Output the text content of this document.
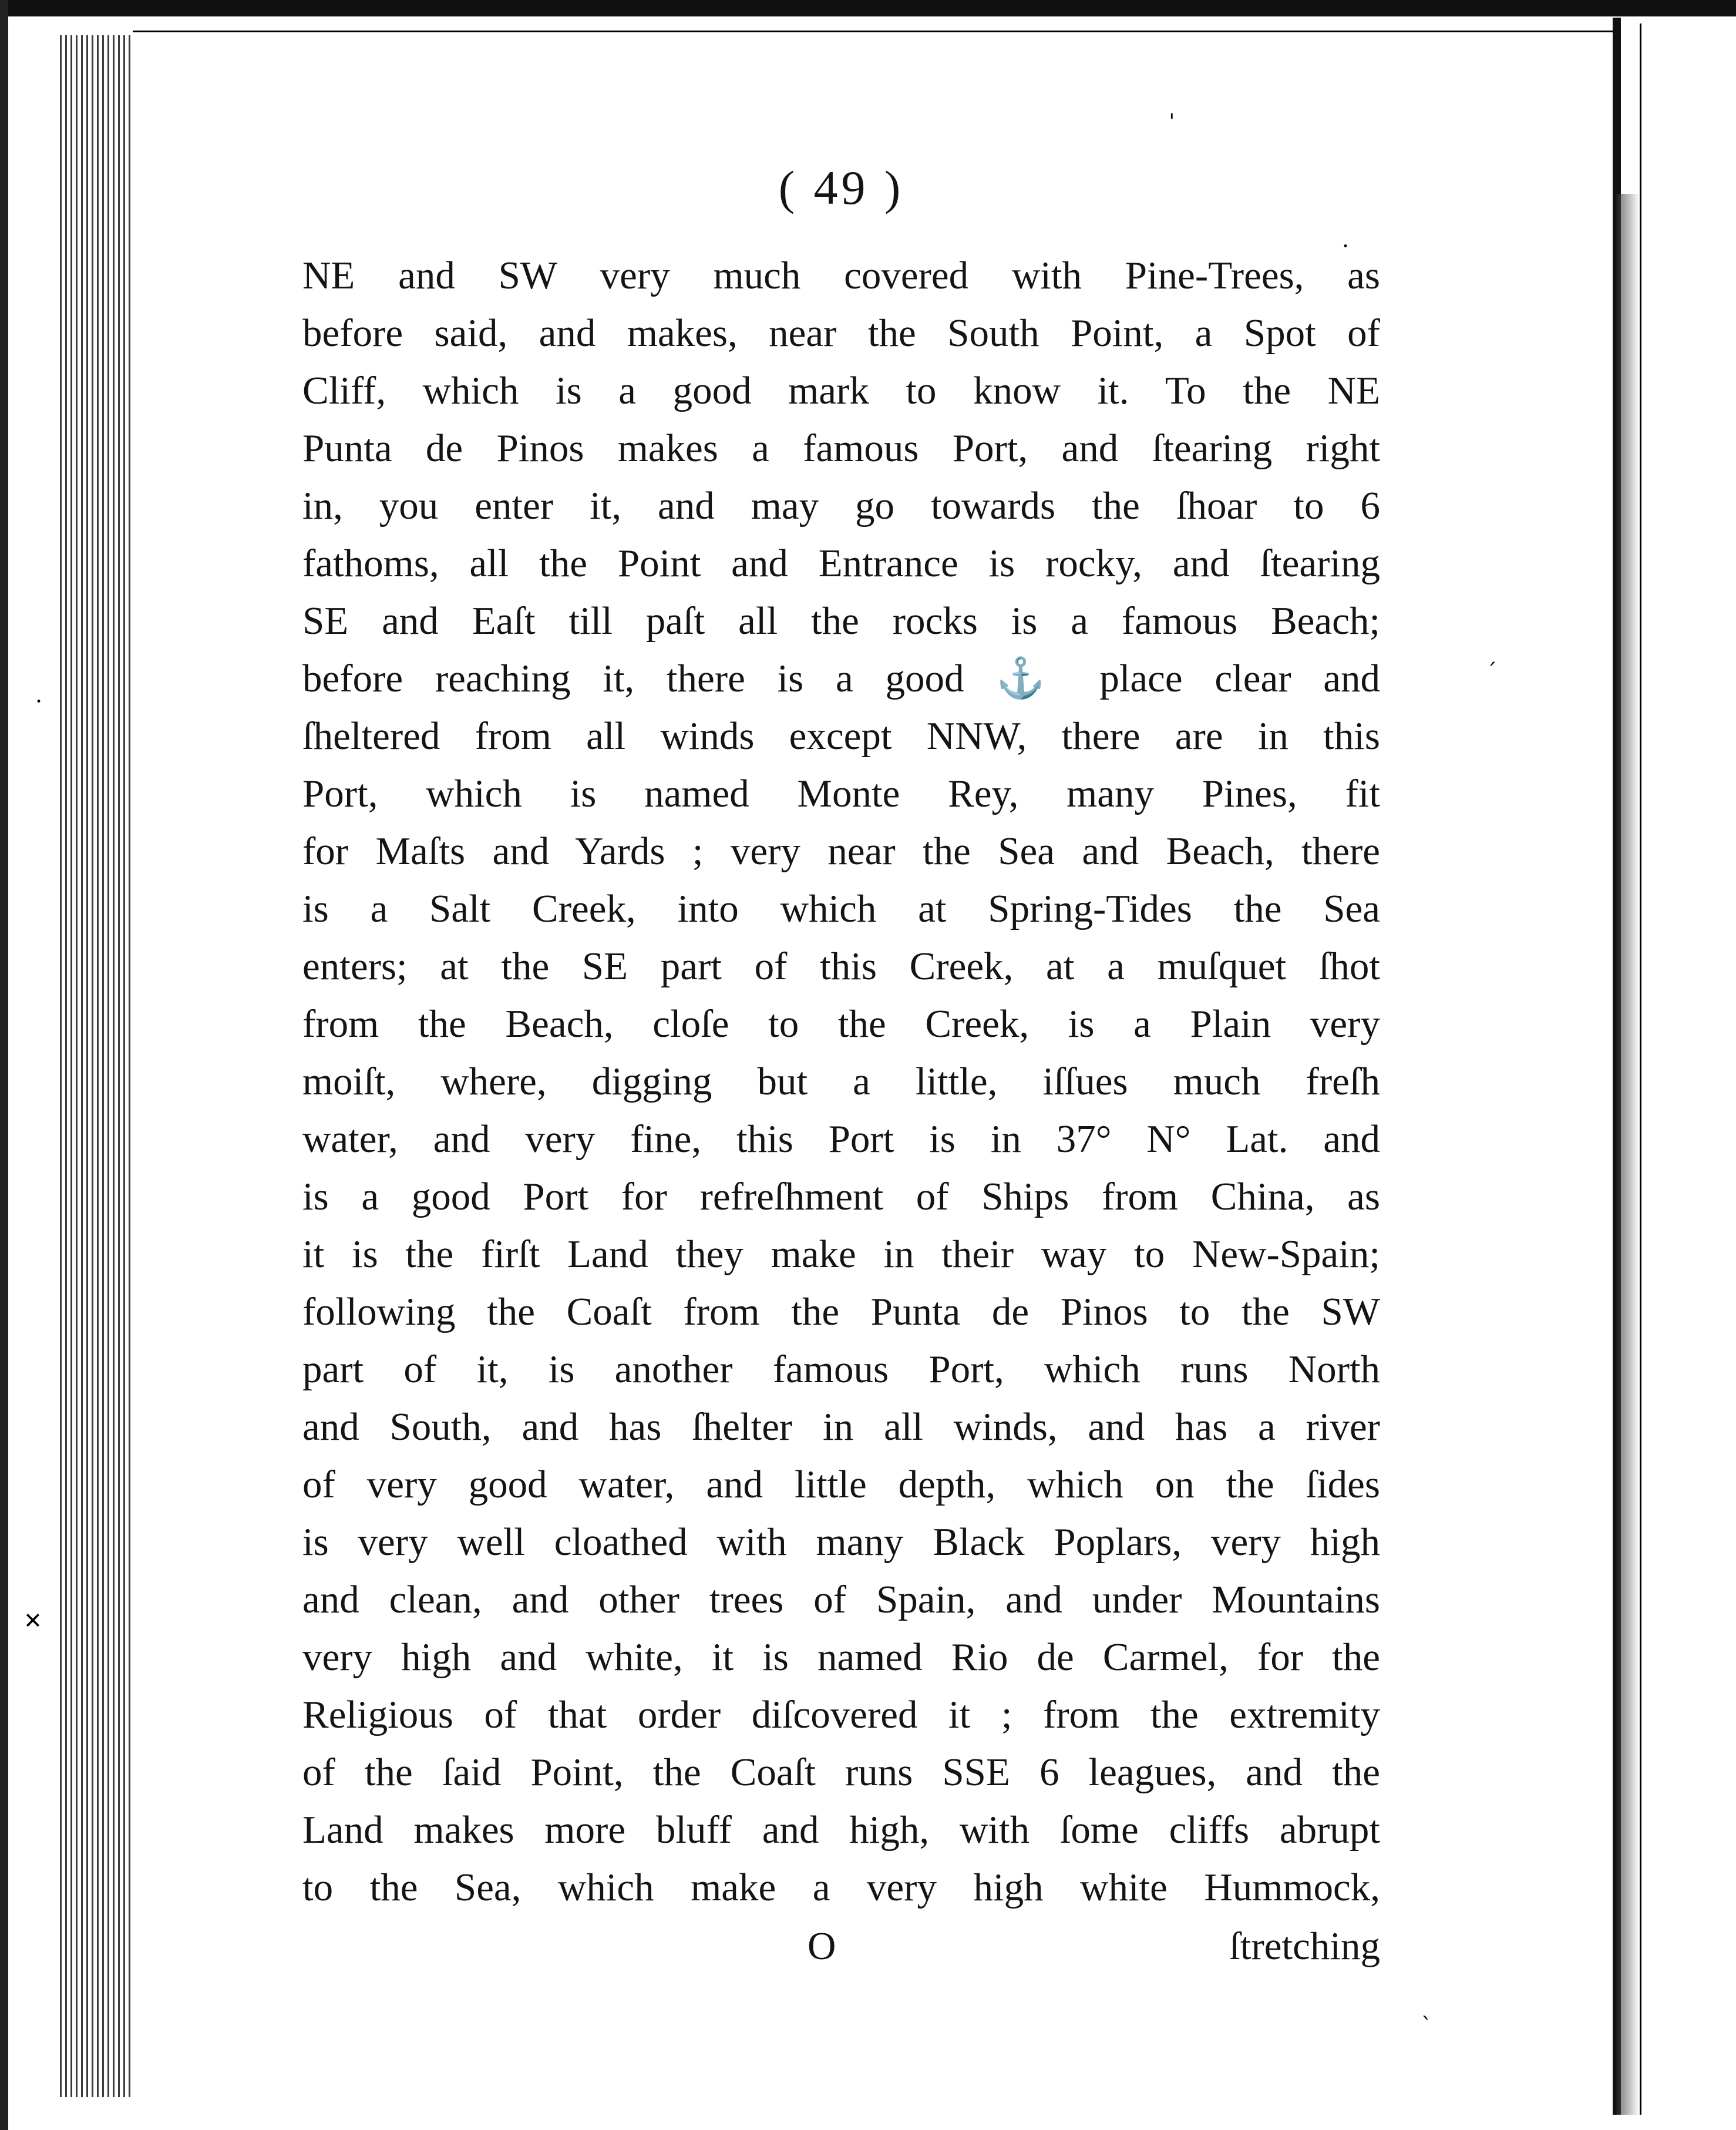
ˈ
·
ˊ
·
✕
ˋ
( 49 )
NE and SW very much covered with Pine-Trees, as
before said, and makes, near the South Point, a Spot of
Cliff, which is a good mark to know it. To the NE
Punta de Pinos makes a famous Port, and ſtearing right
in, you enter it, and may go towards the ſhoar to 6
fathoms, all the Point and Entrance is rocky, and ſtearing
SE and Eaſt till paſt all the rocks is a famous Beach;
before reaching it, there is a good ⚓ place clear and
ſheltered from all winds except NNW, there are in this
Port, which is named Monte Rey, many Pines, fit
for Maſts and Yards ; very near the Sea and Beach, there
is a Salt Creek, into which at Spring-Tides the Sea
enters; at the SE part of this Creek, at a muſquet ſhot
from the Beach, cloſe to the Creek, is a Plain very
moiſt, where, digging but a little, iſſues much freſh
water, and very fine, this Port is in 37° N° Lat. and
is a good Port for refreſhment of Ships from China, as
it is the firſt Land they make in their way to New-Spain;
following the Coaſt from the Punta de Pinos to the SW
part of it, is another famous Port, which runs North
and South, and has ſhelter in all winds, and has a river
of very good water, and little depth, which on the ſides
is very well cloathed with many Black Poplars, very high
and clean, and other trees of Spain, and under Mountains
very high and white, it is named Rio de Carmel, for the
Religious of that order diſcovered it ; from the extremity
of the ſaid Point, the Coaſt runs SSE 6 leagues, and the
Land makes more bluff and high, with ſome cliffs abrupt
to the Sea, which make a very high white Hummock,
O	ſtretching
